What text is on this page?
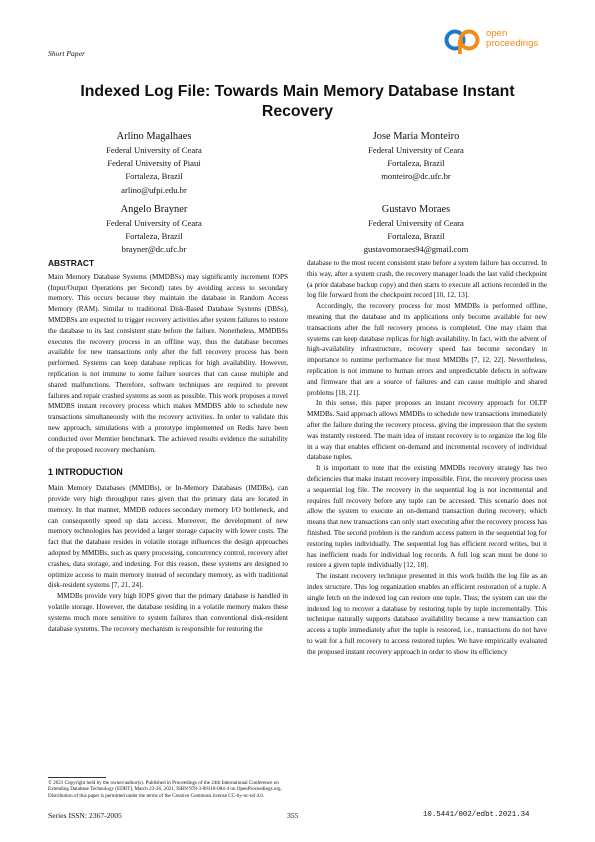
Short Paper
open
proceedings
Indexed Log File: Towards Main Memory Database Instant Recovery
Arlino Magalhaes
Federal University of Ceara
Federal University of Piaui
Fortaleza, Brazil
arlino@ufpi.edu.br
Jose Maria Monteiro
Federal University of Ceara
Fortaleza, Brazil
monteiro@dc.ufc.br
Angelo Brayner
Federal University of Ceara
Fortaleza, Brazil
brayner@dc.ufc.br
Gustavo Moraes
Federal University of Ceara
Fortaleza, Brazil
gustavomoraes94@gmail.com
ABSTRACT

Main Memory Database Systems (MMDBSs) may significantly increment IOPS (Input/Output Operations per Second) rates by avoiding access to secondary memory. This occurs because they maintain the database in Random Access Memory (RAM). Similar to traditional Disk-Based Database Systems (DBSs), MMDBSs are expected to trigger recovery activities after system failures to restore the database to its last consistent state before the failure. Nonetheless, MMDBSs executes the recovery process in an offline way, thus the database becomes available for new transactions only after the full recovery process has been performed. Systems can keep database replicas for high availability. However, replication is not immune to some failure sources that can cause multiple and shared malfunctions. Therefore, software techniques are required to prevent failures and repair crashed systems as soon as possible. This work proposes a novel MMDBS instant recovery process which makes MMDBS able to schedule new transactions simultaneously with the recovery activities. In order to validate this new approach, simulations with a prototype implemented on Redis have been conducted over Memtier benchmark. The achieved results evidence the suitability of the proposed recovery mechanism.

1 INTRODUCTION

Main Memory Databases (MMDBs), or In-Memory Databases (IMDBs), can provide very high throughput rates given that the primary data are located in memory. In that manner, MMDB reduces secondary memory I/O bottleneck, and can consequently speed up data access. Moreover, the development of new memory technologies has provided a larger storage capacity with lower costs. The fact that the database resides in volatile storage influences the design approaches adopted by MMDBs, such as query processing, concurrency control, recovery after crashes, data storage, and indexing. For this reason, these systems are designed to optimize access to main memory instead of secondary memory, as with traditional disk-resident systems [7, 21, 24].

MMDBs provide very high IOPS given that the primary database is handled in volatile storage. However, the database residing in a volatile memory makes these systems much more sensitive to system failures than conventional disk-resident database systems. The recovery mechanism is responsible for restoring the

© 2021 Copyright held by the owner/author(s). Published in Proceedings of the 24th International Conference on Extending Database Technology (EDBT), March 23-26, 2021, ISBN 978-3-89318-084-4 on OpenProceedings.org.

Distribution of this paper is permitted under the terms of the Creative Commons license CC-by-nc-nd 4.0.

database to the most recent consistent state before a system failure has occurred. In this way, after a system crash, the recovery manager loads the last valid checkpoint (a prior database backup copy) and then starts to execute all actions recorded in the log file forward from the checkpoint record [10, 12, 13].

Accordingly, the recovery process for most MMDBs is performed offline, meaning that the database and its applications only become available for new transactions after the full recovery process is completed. One may claim that systems can keep database replicas for high availability. In fact, with the advent of high-availability infrastructure, recovery speed has become secondary in importance to runtime performance for most MMDBs [7, 12, 22]. Nevertheless, replication is not immune to human errors and unpredictable defects in software and firmware that are a source of failures and can cause multiple and shared problems [18, 21].

In this sense, this paper proposes an instant recovery approach for OLTP MMDBs. Said approach allows MMDBs to schedule new transactions immediately after the failure during the recovery process, giving the impression that the system was instantly restored. The main idea of instant recovery is to organize the log file in a way that enables efficient on-demand and incremental recovery of individual database tuples.

It is important to note that the existing MMDBs recovery strategy has two deficiencies that make instant recovery impossible. First, the recovery process uses a sequential log file. The recovery in the sequential log is not incremental and requires full recovery before any tuple can be accessed. This scenario does not allow the system to execute an on-demand transaction during recovery, which means that new transactions can only start executing after the recovery process has finished. The second problem is the random access pattern in the sequential log for restoring tuples individually. The sequential log has efficient record writes, but it has inefficient reads for individual log records. A full log scan must be done to restore a given tuple individually [12, 18].

The instant recovery technique presented in this work builds the log file as an index structure. This log organization enables an efficient restoration of a tuple. A single fetch on the indexed log can restore one tuple. Thus, the system can use the indexed log to recover a database by restoring tuple by tuple incrementally. This technique naturally supports database availability because a new transaction can access a tuple immediately after the tuple is restored, i.e., transactions do not have to wait for a full recovery to access restored tuples. We have empirically evaluated the proposed instant recovery approach in order to show its efficiency

Series ISSN: 2367-2005	355	10.5441/002/edbt.2021.34
